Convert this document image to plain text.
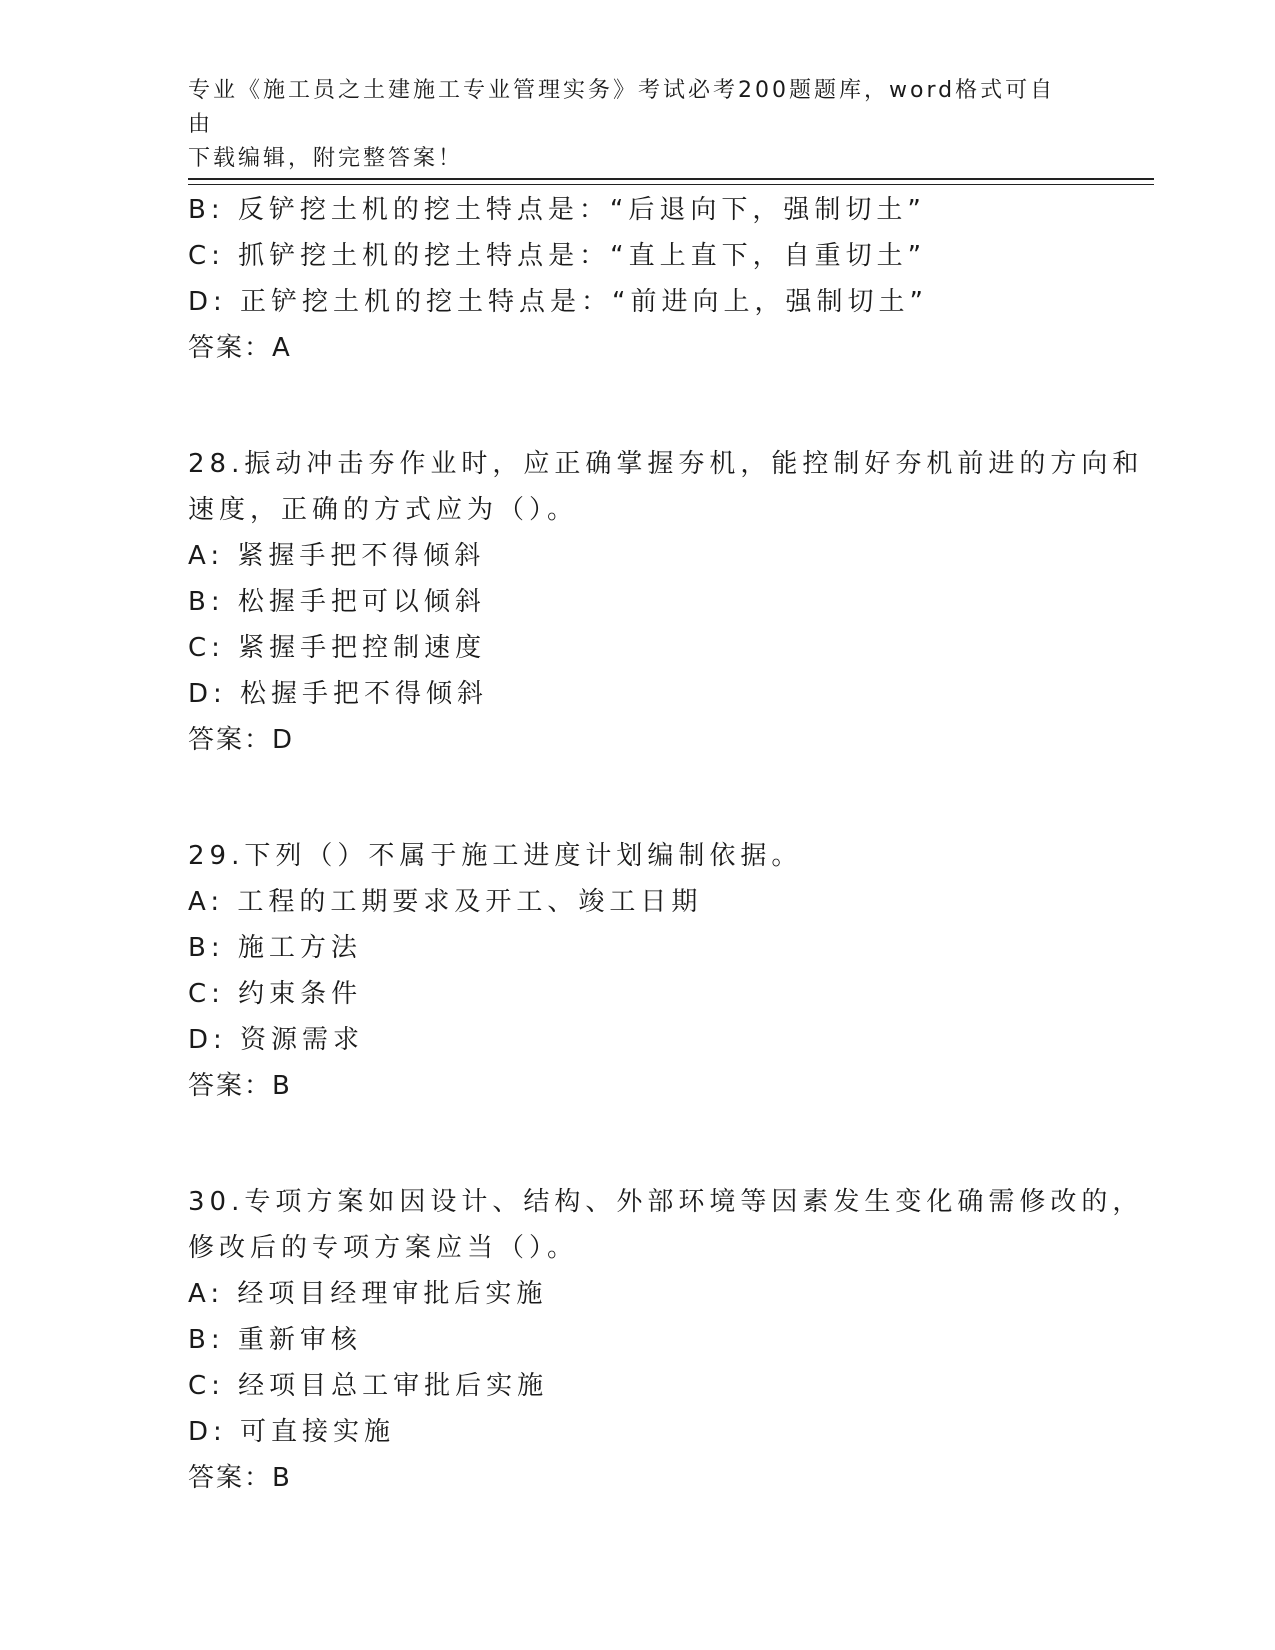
专业《施工员之土建施工专业管理实务》考试必考200题题库，word格式可自由
下载编辑，附完整答案！
B: 反铲挖土机的挖土特点是：“后退向下，强制切土”
C: 抓铲挖土机的挖土特点是：“直上直下，自重切土”
D: 正铲挖土机的挖土特点是：“前进向上，强制切土”
答案：A
28.振动冲击夯作业时，应正确掌握夯机，能控制好夯机前进的方向和
速度，正确的方式应为（）。
A: 紧握手把不得倾斜
B: 松握手把可以倾斜
C: 紧握手把控制速度
D: 松握手把不得倾斜
答案：D
29.下列（）不属于施工进度计划编制依据。
A: 工程的工期要求及开工、竣工日期
B: 施工方法
C: 约束条件
D: 资源需求
答案：B
30.专项方案如因设计、结构、外部环境等因素发生变化确需修改的，
修改后的专项方案应当（）。
A: 经项目经理审批后实施
B: 重新审核
C: 经项目总工审批后实施
D: 可直接实施
答案：B
